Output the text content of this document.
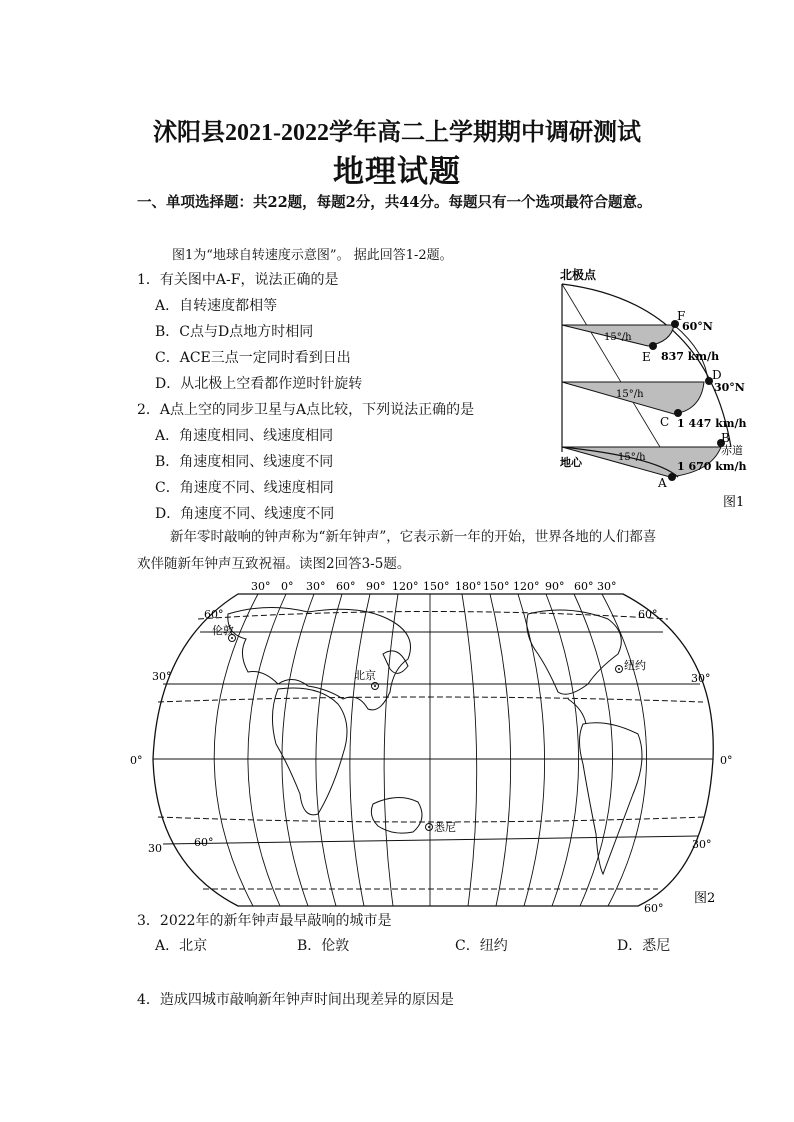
沭阳县2021-2022学年高二上学期期中调研测试
地理试题
一、单项选择题：共22题，每题2分，共44分。每题只有一个选项最符合题意。
图1为“地球自转速度示意图”。 据此回答1-2题。
1．有关图中A-F，说法正确的是
A．自转速度都相等
B．C点与D点地方时相同
C．ACE三点一定同时看到日出
D．从北极上空看都作逆时针旋转
2．A点上空的同步卫星与A点比较，下列说法正确的是
A．角速度相同、线速度相同
B．角速度相同、线速度不同
C．角速度不同、线速度相同
D．角速度不同、线速度不同
新年零时敲响的钟声称为“新年钟声”，它表示新一年的开始，世界各地的人们都喜欢伴随新年钟声互致祝福。读图2回答3-5题。
北极点
15°/h
15°/h
15°/h
F
60°N
E 837 km/h
D
30°N
C 1 447 km/h
B
赤道
地心	1 670 km/h
A
图1
30° 0° 30° 60° 90° 120° 150° 180° 150° 120° 90° 60° 30°
60°	60°
30°	30°
0°	0°
30	60°	30°
60°
伦敦
北京
纽约
悉尼
图2
3．2022年的新年钟声最早敲响的城市是
A．北京	B．伦敦	C．纽约	D．悉尼
4．造成四城市敲响新年钟声时间出现差异的原因是
